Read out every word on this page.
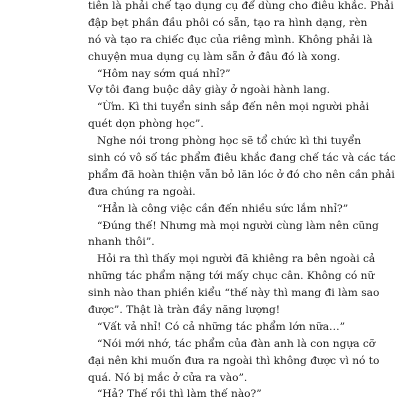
tiên là phải chế tạo dụng cụ để dùng cho điêu khắc. Phải
đập bẹt phần đầu phôi có sẵn, tạo ra hình dạng, rèn
nó và tạo ra chiếc đục của riêng mình. Không phải là
chuyện mua dụng cụ làm sẵn ở đâu đó là xong.
“Hôm nay sớm quá nhỉ?”
Vợ tôi đang buộc dây giày ở ngoài hành lang.
“Ừm. Kì thi tuyển sinh sắp đến nên mọi người phải
quét dọn phòng học”.
Nghe nói trong phòng học sẽ tổ chức kì thi tuyển
sinh có vô số tác phẩm điêu khắc đang chế tác và các tác
phẩm đã hoàn thiện vẫn bỏ lăn lóc ở đó cho nên cần phải
đưa chúng ra ngoài.
“Hẳn là công việc cần đến nhiều sức lắm nhỉ?”
“Đúng thế! Nhưng mà mọi người cùng làm nên cũng
nhanh thôi”.
Hỏi ra thì thấy mọi người đã khiêng ra bên ngoài cả
những tác phẩm nặng tới mấy chục cân. Không có nữ
sinh nào than phiền kiểu “thế này thì mang đi làm sao
được”. Thật là tràn đầy năng lượng!
“Vất vả nhỉ! Có cả những tác phẩm lớn nữa…”
“Nói mới nhớ, tác phẩm của đàn anh là con ngựa cỡ
đại nên khi muốn đưa ra ngoài thì không được vì nó to
quá. Nó bị mắc ở cửa ra vào”.
“Hả? Thế rồi thì làm thế nào?”
